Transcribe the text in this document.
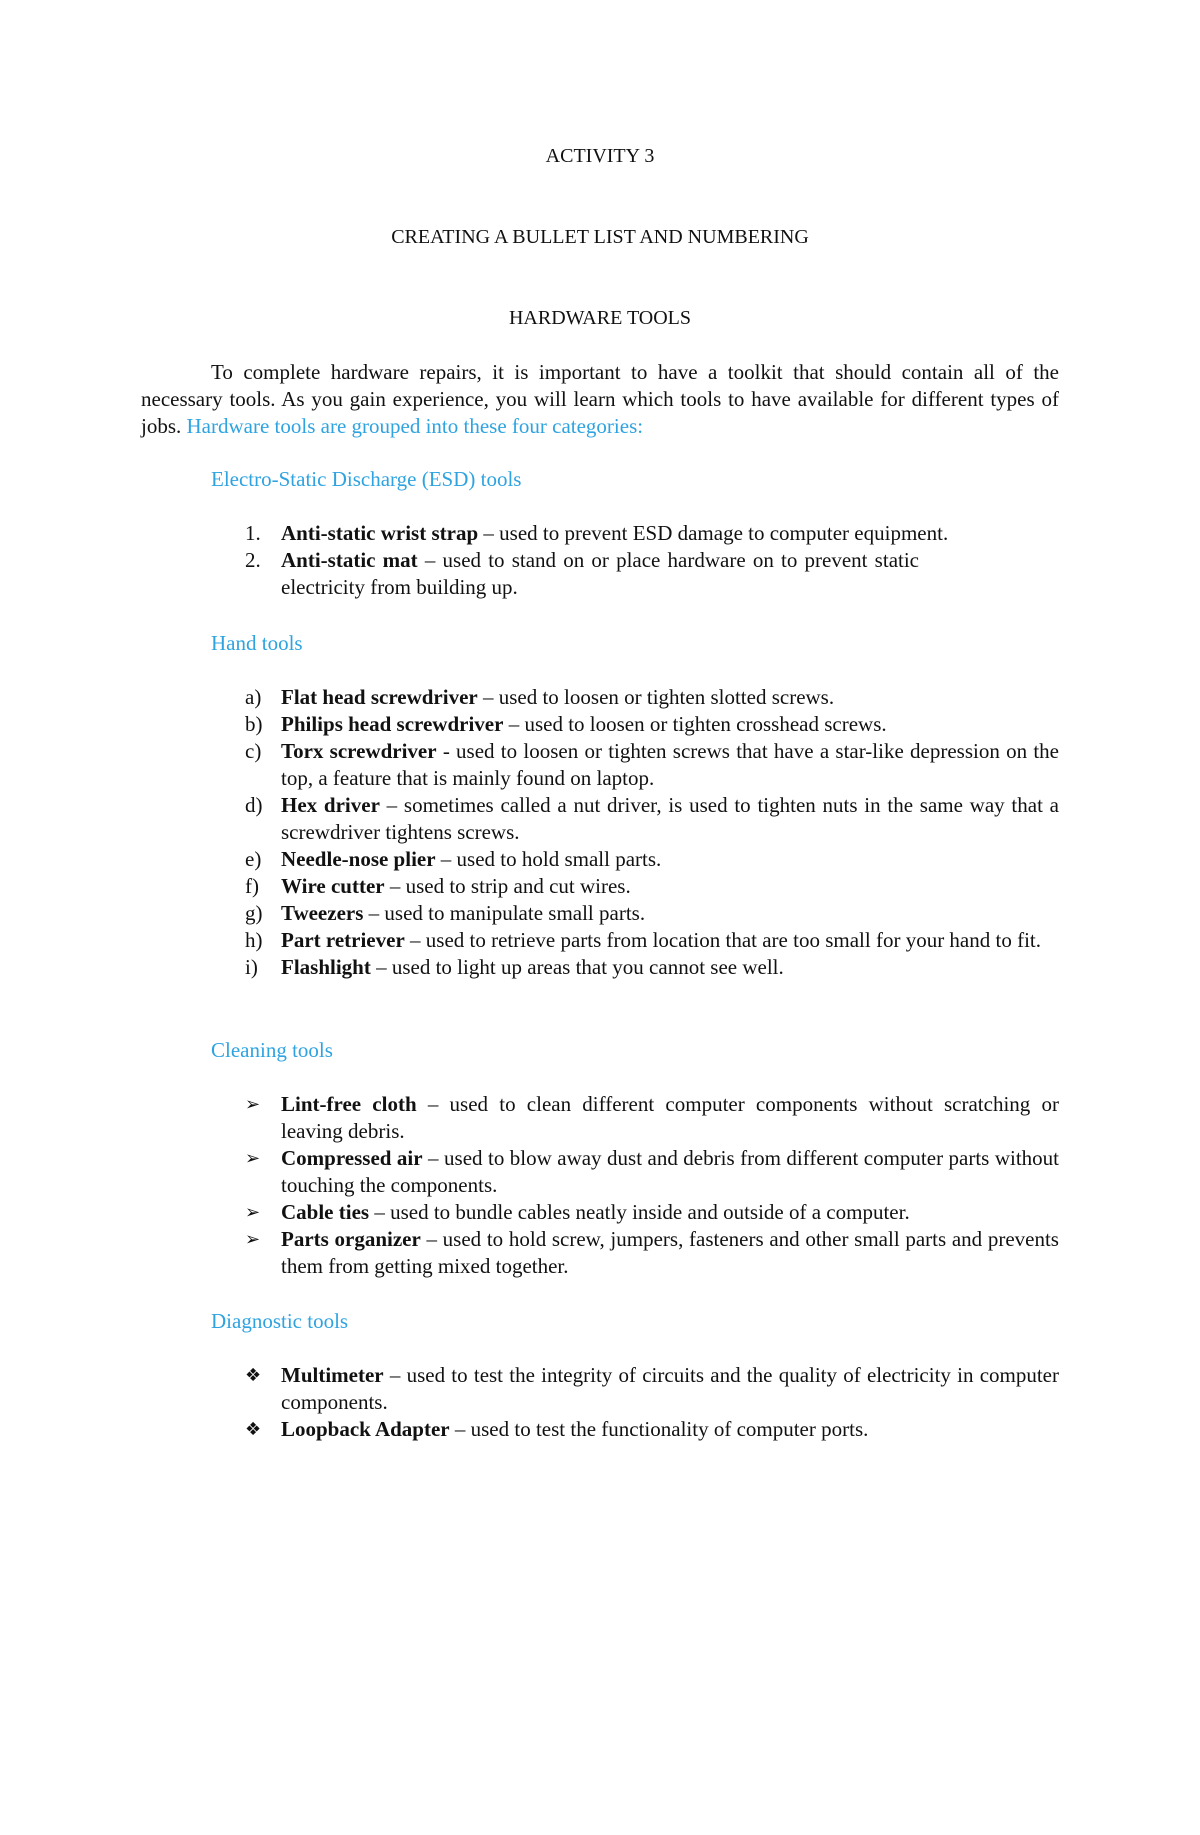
ACTIVITY 3
CREATING A BULLET LIST AND NUMBERING
HARDWARE TOOLS
To complete hardware repairs, it is important to have a toolkit that should contain all of the necessary tools. As you gain experience, you will learn which tools to have available for different types of jobs. Hardware tools are grouped into these four categories:
Electro-Static Discharge (ESD) tools
1. Anti-static wrist strap – used to prevent ESD damage to computer equipment.
2. Anti-static mat – used to stand on or place hardware on to prevent static electricity from building up.
Hand tools
a) Flat head screwdriver – used to loosen or tighten slotted screws.
b) Philips head screwdriver – used to loosen or tighten crosshead screws.
c) Torx screwdriver - used to loosen or tighten screws that have a star-like depression on the top, a feature that is mainly found on laptop.
d) Hex driver – sometimes called a nut driver, is used to tighten nuts in the same way that a screwdriver tightens screws.
e) Needle-nose plier – used to hold small parts.
f) Wire cutter – used to strip and cut wires.
g) Tweezers – used to manipulate small parts.
h) Part retriever – used to retrieve parts from location that are too small for your hand to fit.
i) Flashlight – used to light up areas that you cannot see well.
Cleaning tools
➢ Lint-free cloth – used to clean different computer components without scratching or leaving debris.
➢ Compressed air – used to blow away dust and debris from different computer parts without touching the components.
➢ Cable ties – used to bundle cables neatly inside and outside of a computer.
➢ Parts organizer – used to hold screw, jumpers, fasteners and other small parts and prevents them from getting mixed together.
Diagnostic tools
❖ Multimeter – used to test the integrity of circuits and the quality of electricity in computer components.
❖ Loopback Adapter – used to test the functionality of computer ports.
